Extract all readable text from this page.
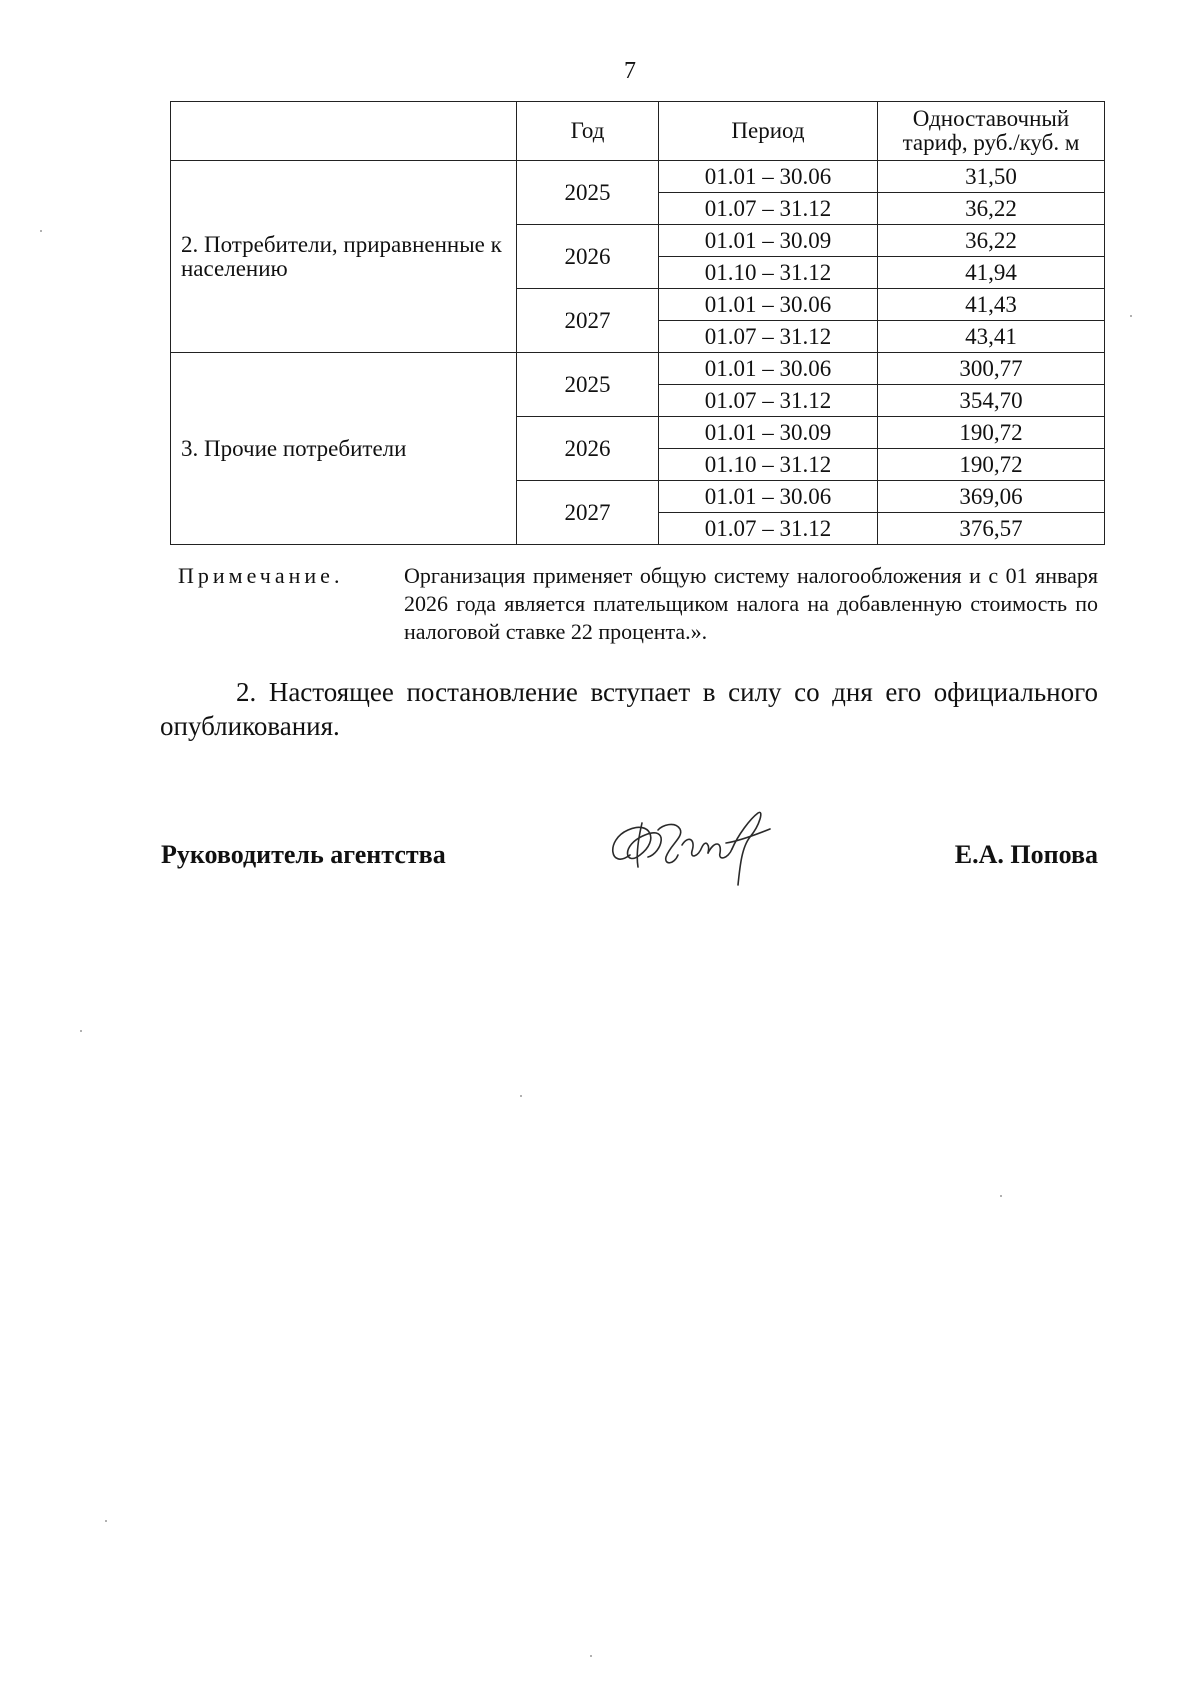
7
	Год	Период	Одноставочный тариф, руб./куб. м
2. Потребители, приравненные к населению	2025	01.01 – 30.06	31,50
		01.07 – 31.12	36,22
	2026	01.01 – 30.09	36,22
		01.10 – 31.12	41,94
	2027	01.01 – 30.06	41,43
		01.07 – 31.12	43,41
3. Прочие потребители	2025	01.01 – 30.06	300,77
		01.07 – 31.12	354,70
	2026	01.01 – 30.09	190,72
		01.10 – 31.12	190,72
	2027	01.01 – 30.06	369,06
		01.07 – 31.12	376,57
Примечание.	Организация применяет общую систему налогообложения и с 01 января 2026 года является плательщиком налога на добавленную стоимость по налоговой ставке 22 процента.».
2. Настоящее постановление вступает в силу со дня его официального опубликования.
Руководитель агентства	Е.А. Попова
